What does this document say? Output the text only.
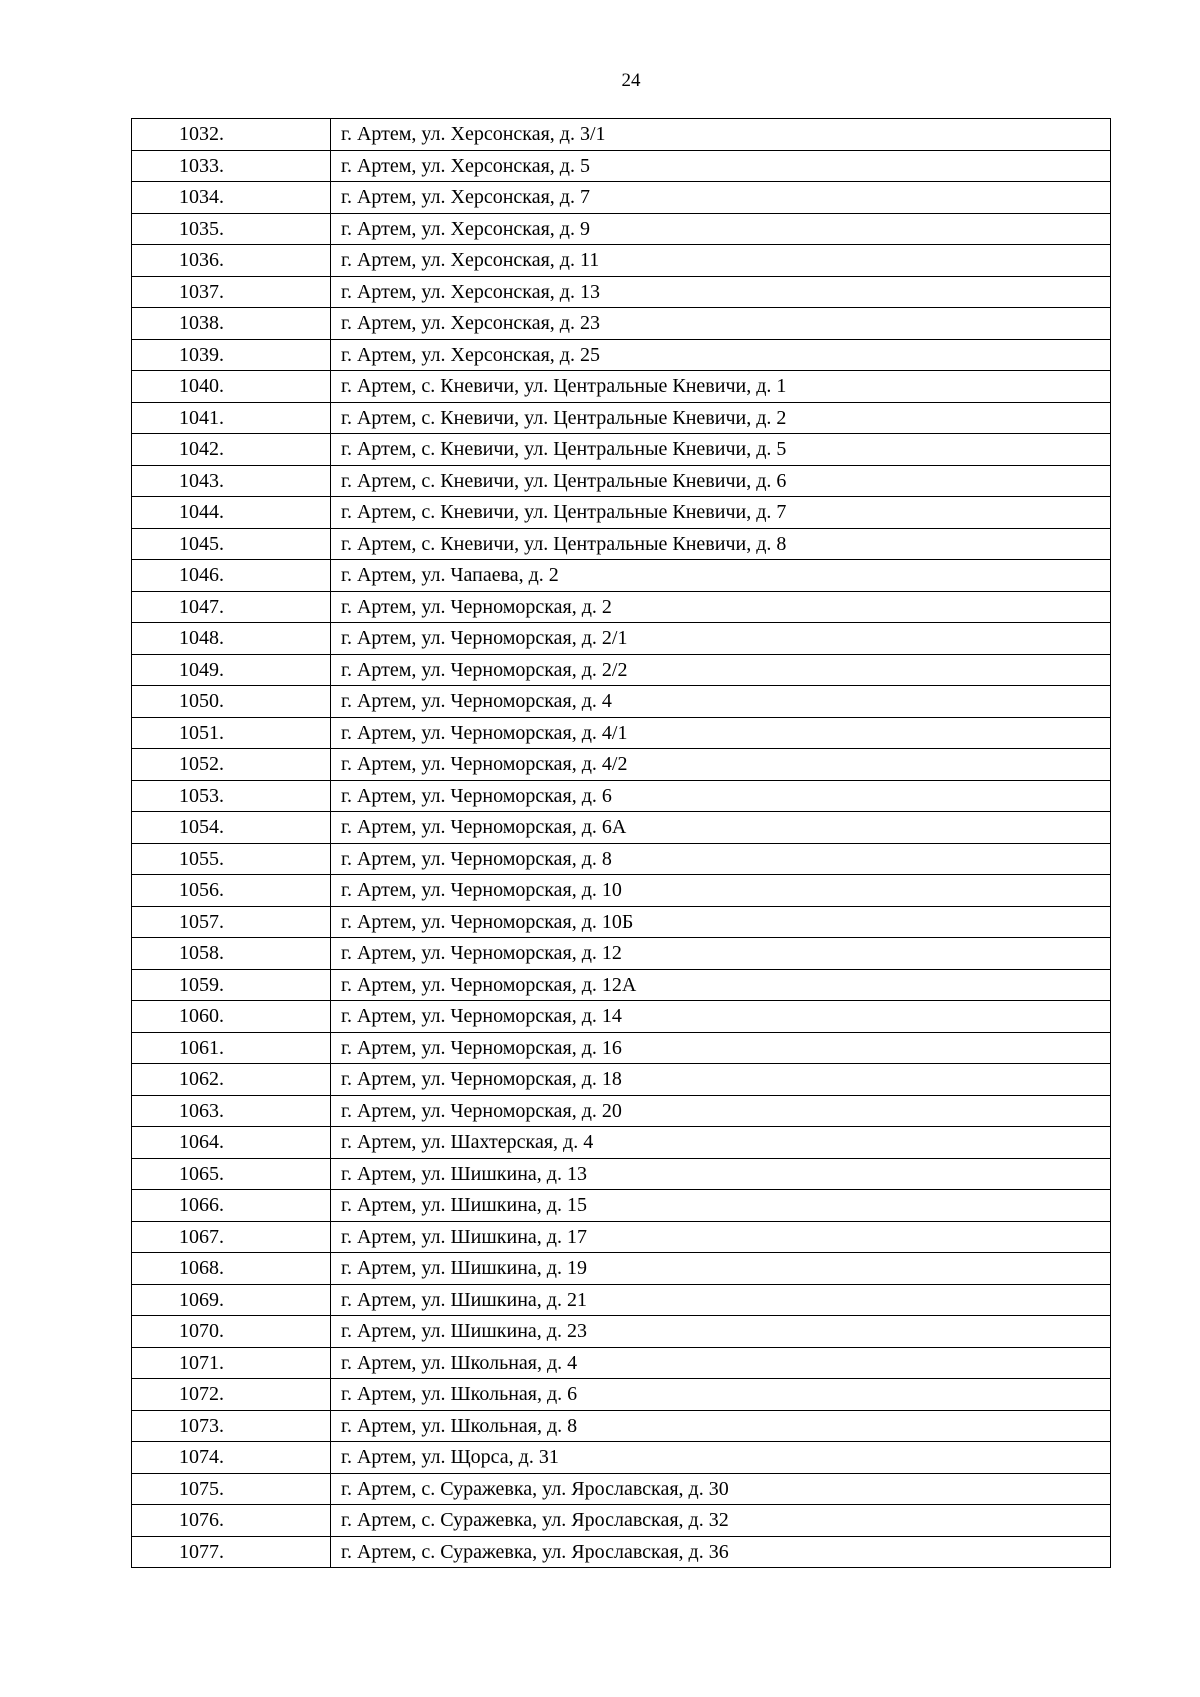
24
1032.	г. Артем, ул. Херсонская, д. 3/1
1033.	г. Артем, ул. Херсонская, д. 5
1034.	г. Артем, ул. Херсонская, д. 7
1035.	г. Артем, ул. Херсонская, д. 9
1036.	г. Артем, ул. Херсонская, д. 11
1037.	г. Артем, ул. Херсонская, д. 13
1038.	г. Артем, ул. Херсонская, д. 23
1039.	г. Артем, ул. Херсонская, д. 25
1040.	г. Артем, с. Кневичи, ул. Центральные Кневичи, д. 1
1041.	г. Артем, с. Кневичи, ул. Центральные Кневичи, д. 2
1042.	г. Артем, с. Кневичи, ул. Центральные Кневичи, д. 5
1043.	г. Артем, с. Кневичи, ул. Центральные Кневичи, д. 6
1044.	г. Артем, с. Кневичи, ул. Центральные Кневичи, д. 7
1045.	г. Артем, с. Кневичи, ул. Центральные Кневичи, д. 8
1046.	г. Артем, ул. Чапаева, д. 2
1047.	г. Артем, ул. Черноморская, д. 2
1048.	г. Артем, ул. Черноморская, д. 2/1
1049.	г. Артем, ул. Черноморская, д. 2/2
1050.	г. Артем, ул. Черноморская, д. 4
1051.	г. Артем, ул. Черноморская, д. 4/1
1052.	г. Артем, ул. Черноморская, д. 4/2
1053.	г. Артем, ул. Черноморская, д. 6
1054.	г. Артем, ул. Черноморская, д. 6А
1055.	г. Артем, ул. Черноморская, д. 8
1056.	г. Артем, ул. Черноморская, д. 10
1057.	г. Артем, ул. Черноморская, д. 10Б
1058.	г. Артем, ул. Черноморская, д. 12
1059.	г. Артем, ул. Черноморская, д. 12А
1060.	г. Артем, ул. Черноморская, д. 14
1061.	г. Артем, ул. Черноморская, д. 16
1062.	г. Артем, ул. Черноморская, д. 18
1063.	г. Артем, ул. Черноморская, д. 20
1064.	г. Артем, ул. Шахтерская, д. 4
1065.	г. Артем, ул. Шишкина, д. 13
1066.	г. Артем, ул. Шишкина, д. 15
1067.	г. Артем, ул. Шишкина, д. 17
1068.	г. Артем, ул. Шишкина, д. 19
1069.	г. Артем, ул. Шишкина, д. 21
1070.	г. Артем, ул. Шишкина, д. 23
1071.	г. Артем, ул. Школьная, д. 4
1072.	г. Артем, ул. Школьная, д. 6
1073.	г. Артем, ул. Школьная, д. 8
1074.	г. Артем, ул. Щорса, д. 31
1075.	г. Артем, с. Суражевка, ул. Ярославская, д. 30
1076.	г. Артем, с. Суражевка, ул. Ярославская, д. 32
1077.	г. Артем, с. Суражевка, ул. Ярославская, д. 36
